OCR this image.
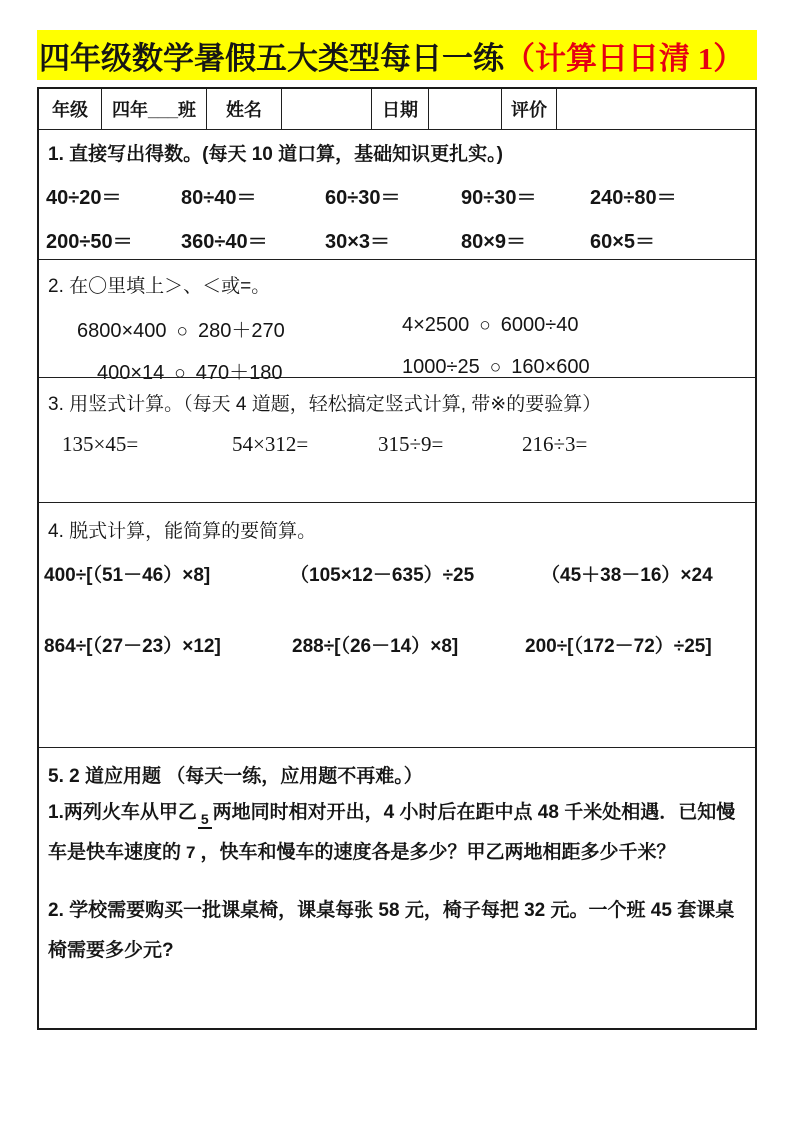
四年级数学暑假五大类型每日一练 （计算日日清 1）
年级	四年___班	姓名	日期	评价
1. 直接写出得数。(每天 10 道口算，基础知识更扎实。)
40÷20＝	80÷40＝	60÷30＝	90÷30＝	240÷80＝
200÷50＝	360÷40＝	30×3＝	80×9＝	60×5＝
2. 在〇里填上＞、＜或=。
6800×400 ○ 280＋270	4×2500 ○ 6000÷40
400×14 ○ 470＋180	1000÷25 ○ 160×600
3. 用竖式计算。（每天 4 道题，轻松搞定竖式计算, 带※的要验算）
135×45=	54×312=	315÷9=	216÷3=
4. 脱式计算，能简算的要简算。
400÷[（51－46）×8]	（105×12－635）÷25	（45＋38－16）×24
864÷[（27－23）×12]	288÷[（26－14）×8]	200÷[（172－72）÷25]
5. 2 道应用题 （每天一练，应用题不再难。）
1.两列火车从甲乙 5 两地同时相对开出，4 小时后在距中点 48 千米处相遇．已知慢
车是快车速度的 7 ，快车和慢车的速度各是多少？甲乙两地相距多少千米？
2. 学校需要购买一批课桌椅，课桌每张 58 元，椅子每把 32 元。一个班 45 套课桌椅需要多少元?
